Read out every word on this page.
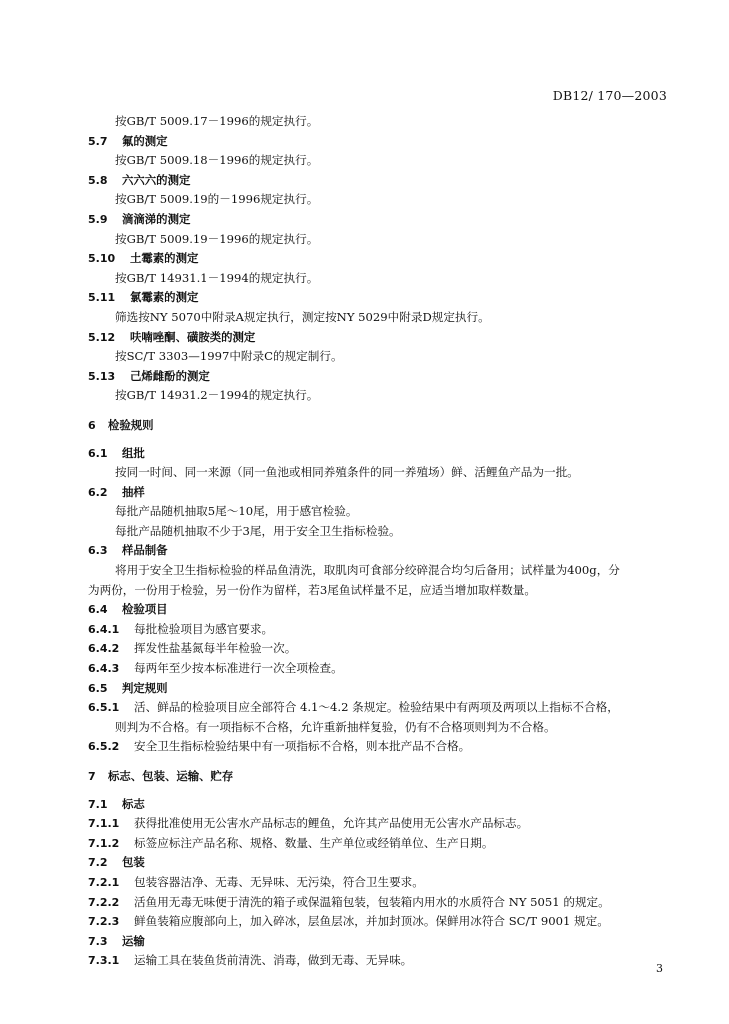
DB12/ 170—2003
按GB/T 5009.17－1996的规定执行。
5.7 氟的测定
按GB/T 5009.18－1996的规定执行。
5.8 六六六的测定
按GB/T 5009.19的－1996规定执行。
5.9 滴滴涕的测定
按GB/T 5009.19－1996的规定执行。
5.10 土霉素的测定
按GB/T 14931.1－1994的规定执行。
5.11 氯霉素的测定
筛选按NY 5070中附录A规定执行，测定按NY 5029中附录D规定执行。
5.12 呋喃唑酮、磺胺类的测定
按SC/T 3303—1997中附录C的规定制行。
5.13 己烯雌酚的测定
按GB/T 14931.2－1994的规定执行。
6 检验规则
6.1 组批
按同一时间、同一来源（同一鱼池或相同养殖条件的同一养殖场）鲜、活鲤鱼产品为一批。
6.2 抽样
每批产品随机抽取5尾～10尾，用于感官检验。
每批产品随机抽取不少于3尾，用于安全卫生指标检验。
6.3 样品制备
将用于安全卫生指标检验的样品鱼清洗，取肌肉可食部分绞碎混合均匀后备用；试样量为400g，分
为两份，一份用于检验，另一份作为留样，若3尾鱼试样量不足，应适当增加取样数量。
6.4 检验项目
6.4.1 每批检验项目为感官要求。
6.4.2 挥发性盐基氮每半年检验一次。
6.4.3 每两年至少按本标准进行一次全项检查。
6.5 判定规则
6.5.1 活、鲜品的检验项目应全部符合 4.1～4.2 条规定。检验结果中有两项及两项以上指标不合格，
则判为不合格。有一项指标不合格，允许重新抽样复验，仍有不合格项则判为不合格。
6.5.2 安全卫生指标检验结果中有一项指标不合格，则本批产品不合格。
7 标志、包装、运输、贮存
7.1 标志
7.1.1 获得批准使用无公害水产品标志的鲤鱼，允许其产品使用无公害水产品标志。
7.1.2 标签应标注产品名称、规格、数量、生产单位或经销单位、生产日期。
7.2 包装
7.2.1 包装容器洁净、无毒、无异味、无污染，符合卫生要求。
7.2.2 活鱼用无毒无味便于清洗的箱子或保温箱包装，包装箱内用水的水质符合 NY 5051 的规定。
7.2.3 鲜鱼装箱应腹部向上，加入碎冰，层鱼层冰，并加封顶冰。保鲜用冰符合 SC/T 9001 规定。
7.3 运输
7.3.1 运输工具在装鱼货前清洗、消毒，做到无毒、无异味。
3
